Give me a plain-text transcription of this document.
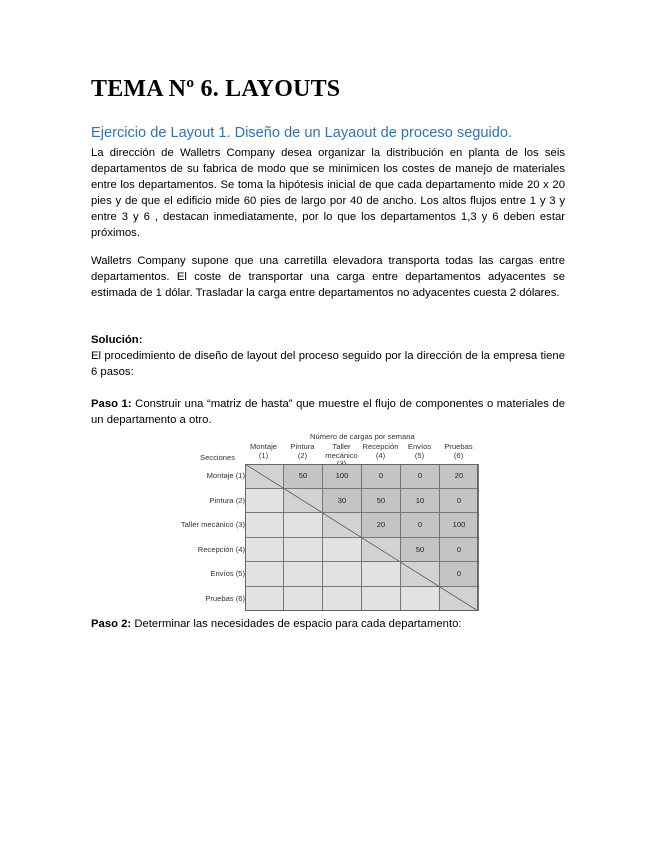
TEMA Nº 6. LAYOUTS
Ejercicio de Layout 1. Diseño de un Layaout de proceso seguido.

La dirección de Walletrs Company desea organizar la distribución en planta de los seis departamentos de su fabrica de modo que se minimicen los costes de manejo de materiales entre los departamentos. Se toma la hipótesis inicial de que cada departamento mide 20 x 20 pies y de que el edificio mide 60 pies de largo por 40 de ancho. Los altos flujos entre 1 y 3 y entre 3 y 6 , destacan inmediatamente, por lo que los departamentos 1,3 y 6 deben estar próximos.

Walletrs Company supone que una carretilla elevadora transporta todas las cargas entre departamentos. El coste de transportar una carga entre departamentos adyacentes se estimada de 1 dólar. Trasladar la carga entre departamentos no adyacentes cuesta 2 dólares.

Solución:
El procedimiento de diseño de layout del proceso seguido por la dirección de la empresa tiene 6 pasos:

Paso 1: Construir una “matriz de hasta” que muestre el flujo de componentes o materiales de un departamento a otro.

Paso 2: Determinar las necesidades de espacio para cada departamento:

Número de cargas por semana
Secciones
Montaje
(1)
Pintura
(2)
Taller
mecánico
Recepción
(4)
Envíos
(5)
Pruebas
(6)
Montaje (1)
Pintura (2)
Taller mecánico (3)
Recepción (4)
Envíos (5)
Pruebas (6)
0
0
50
100
0
20
0
10
50
30
20
0
0
100
50
